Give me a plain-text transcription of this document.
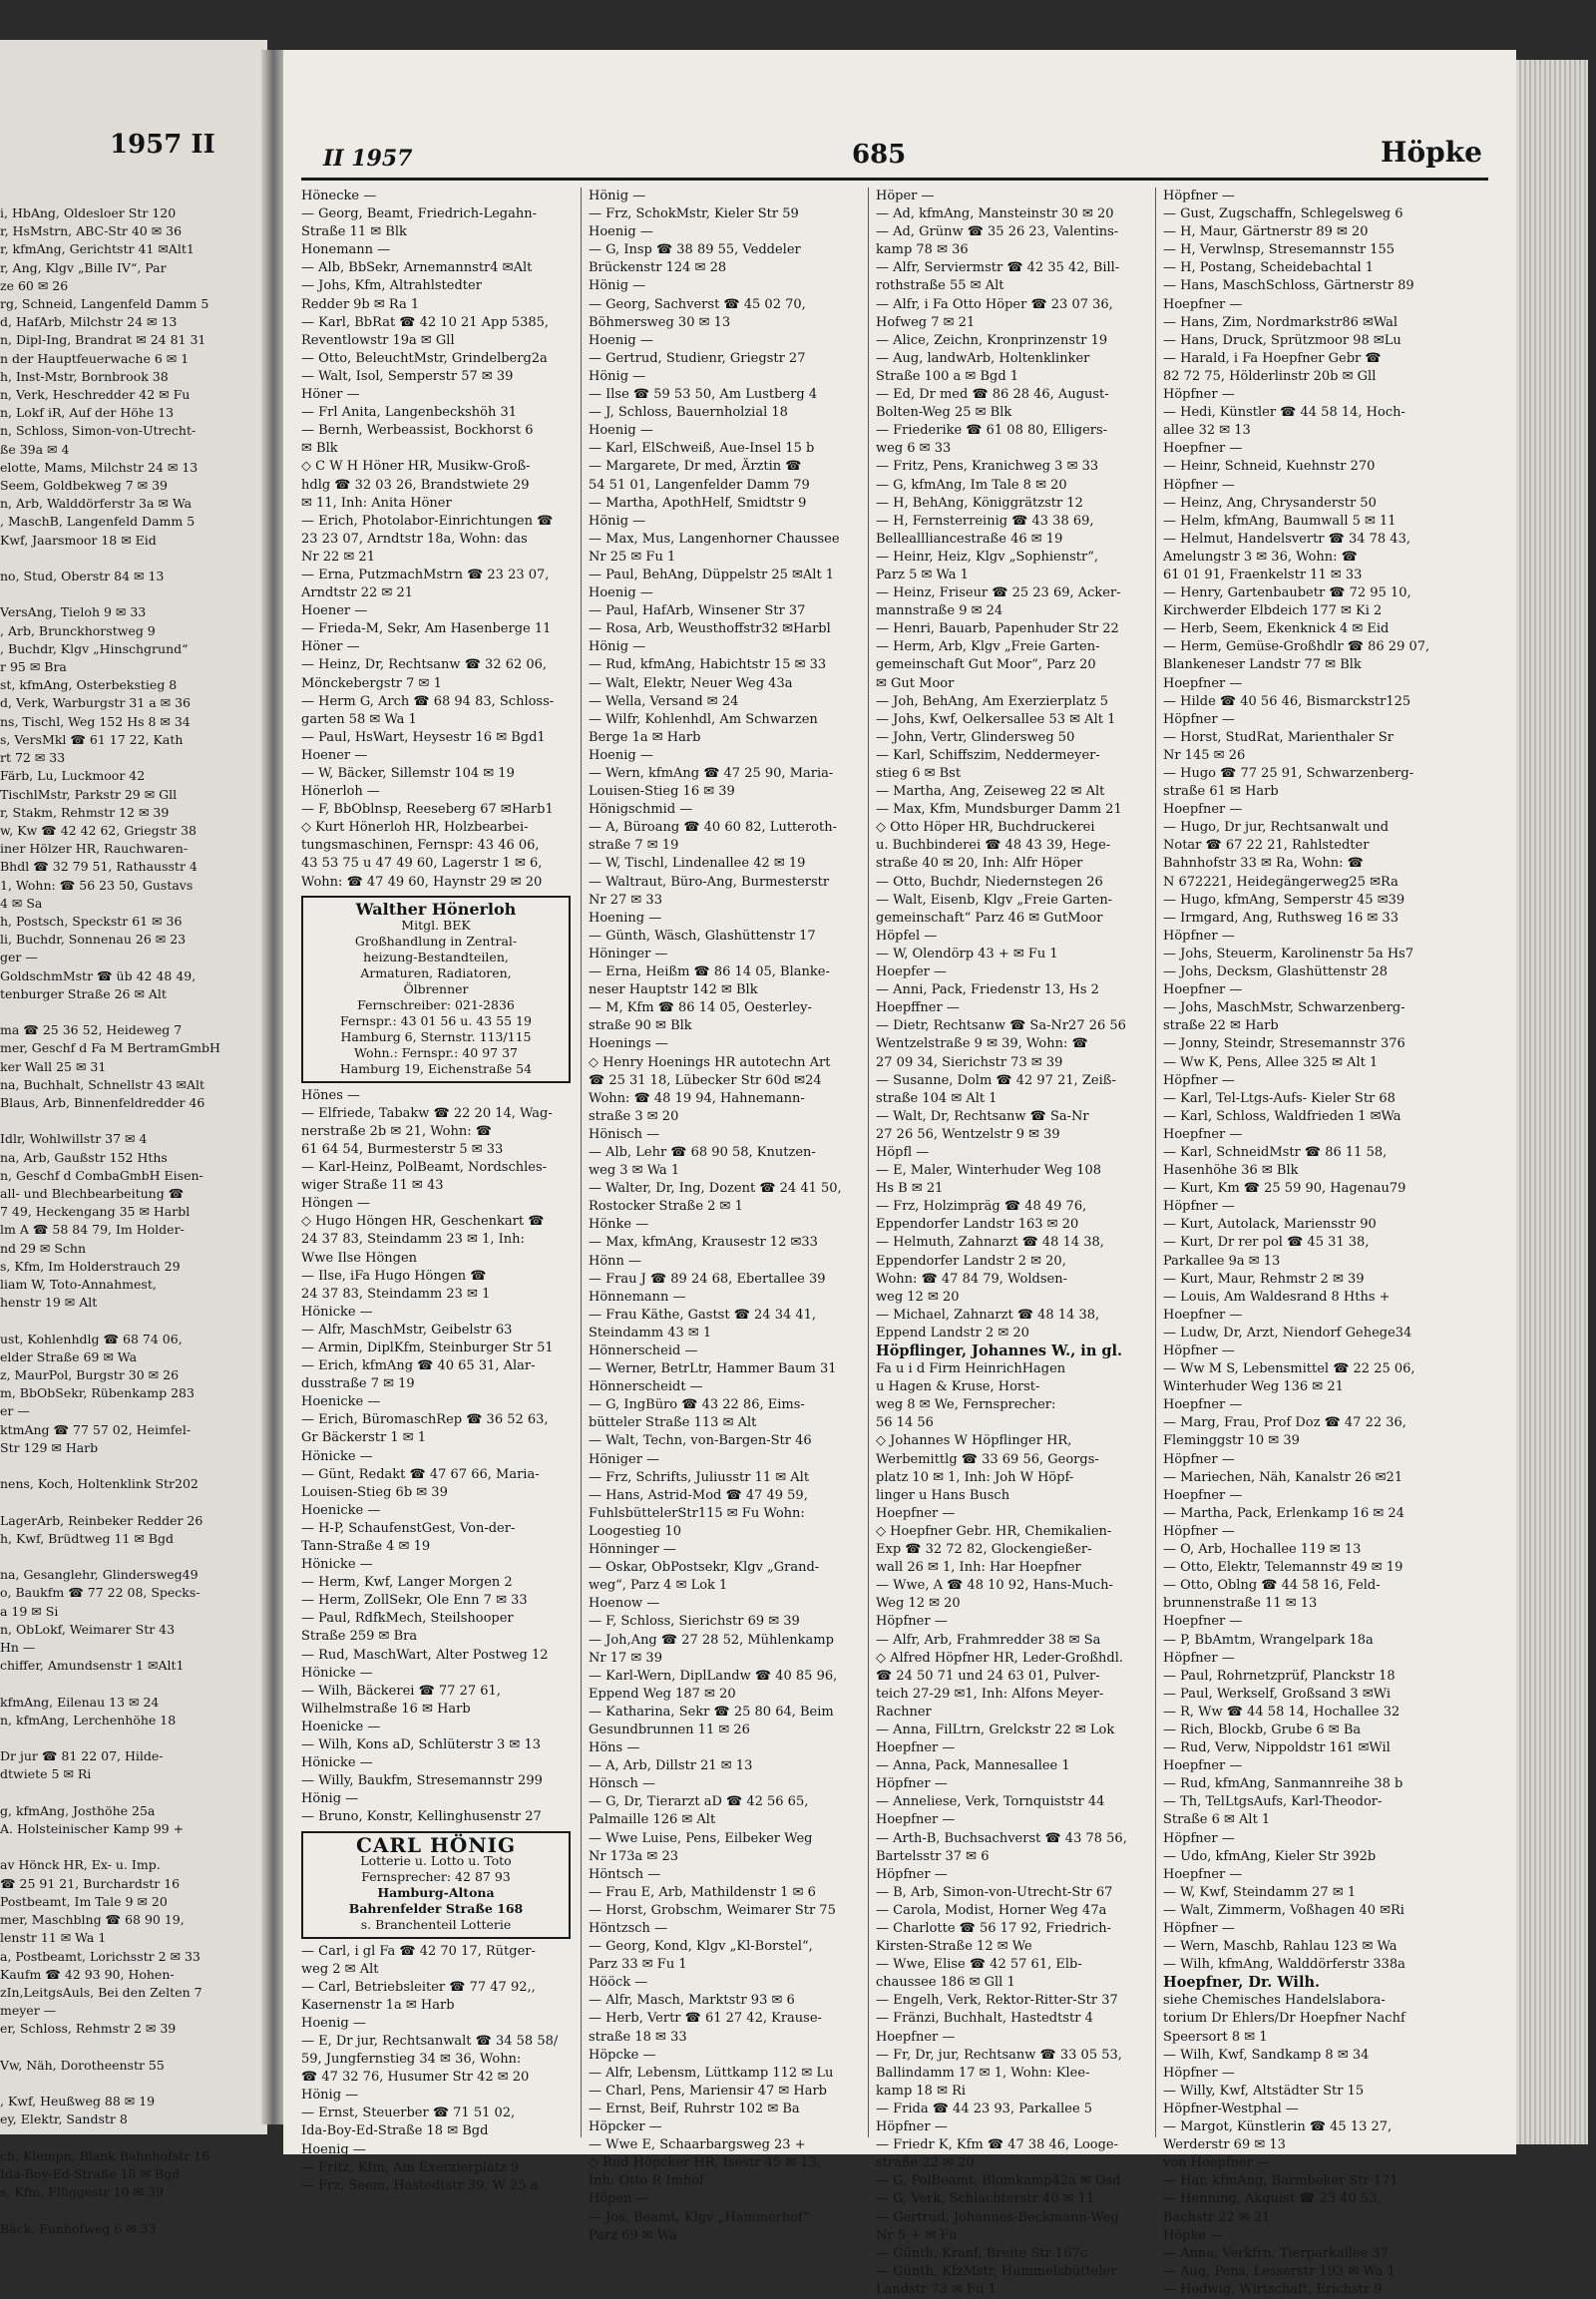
1957 II
i, HbAng, Oldesloer Str 120
r, HsMstrn, ABC-Str 40 ✉ 36
r, kfmAng, Gerichtstr 41 ✉Alt1
r, Ang, Klgv „Bille IV“, Par
ze 60 ✉ 26
rg, Schneid, Langenfeld Damm 5
d, HafArb, Milchstr 24 ✉ 13
n, Dipl-Ing, Brandrat ✉ 24 81 31
n der Hauptfeuerwache 6 ✉ 1
h, Inst-Mstr, Bornbrook 38
n, Verk, Heschredder 42 ✉ Fu
n, Lokf iR, Auf der Höhe 13
n, Schloss, Simon-von-Utrecht-
ße 39a ✉ 4
elotte, Mams, Milchstr 24 ✉ 13
Seem, Goldbekweg 7 ✉ 39
n, Arb, Walddörferstr 3a ✉ Wa
, MaschB, Langenfeld Damm 5
Kwf, Jaarsmoor 18 ✉ Eid

no, Stud, Oberstr 84 ✉ 13

VersAng, Tieloh 9 ✉ 33
, Arb, Brunckhorstweg 9
, Buchdr, Klgv „Hinschgrund“
r 95 ✉ Bra
st, kfmAng, Osterbekstieg 8
d, Verk, Warburgstr 31 a ✉ 36
ns, Tischl, Weg 152 Hs 8 ✉ 34
s, VersMkl ☎ 61 17 22, Kath
rt 72 ✉ 33
Färb, Lu, Luckmoor 42
TischlMstr, Parkstr 29 ✉ Gll
r, Stakm, Rehmstr 12 ✉ 39
w, Kw ☎ 42 42 62, Griegstr 38
iner Hölzer HR, Rauchwaren-
Bhdl ☎ 32 79 51, Rathausstr 4
1, Wohn: ☎ 56 23 50, Gustavs
4 ✉ Sa
h, Postsch, Speckstr 61 ✉ 36
li, Buchdr, Sonnenau 26 ✉ 23
ger —
GoldschmMstr ☎ üb 42 48 49,
tenburger Straße 26 ✉ Alt

ma ☎ 25 36 52, Heideweg 7
mer, Geschf d Fa M BertramGmbH
ker Wall 25 ✉ 31
na, Buchhalt, Schnellstr 43 ✉Alt
Blaus, Arb, Binnenfeldredder 46

Idlr, Wohlwillstr 37 ✉ 4
na, Arb, Gaußstr 152 Hths
n, Geschf d CombaGmbH Eisen-
all- und Blechbearbeitung ☎
7 49, Heckengang 35 ✉ Harbl
lm A ☎ 58 84 79, Im Holder-
nd 29 ✉ Schn
s, Kfm, Im Holderstrauch 29
liam W, Toto-Annahmest,
henstr 19 ✉ Alt

ust, Kohlenhdlg ☎ 68 74 06,
elder Straße 69 ✉ Wa
z, MaurPol, Burgstr 30 ✉ 26
m, BbObSekr, Rübenkamp 283
er —
ktmAng ☎ 77 57 02, Heimfel-
Str 129 ✉ Harb

nens, Koch, Holtenklink Str202

LagerArb, Reinbeker Redder 26
h, Kwf, Brüdtweg 11 ✉ Bgd

na, Gesanglehr, Glindersweg49
o, Baukfm ☎ 77 22 08, Specks-
a 19 ✉ Si
n, ObLokf, Weimarer Str 43
Hn —
chiffer, Amundsenstr 1 ✉Alt1

kfmAng, Eilenau 13 ✉ 24
n, kfmAng, Lerchenhöhe 18

Dr jur ☎ 81 22 07, Hilde-
dtwiete 5 ✉ Ri

g, kfmAng, Josthöhe 25a
A. Holsteinischer Kamp 99 +

av Hönck HR, Ex- u. Imp.
☎ 25 91 21, Burchardstr 16
Postbeamt, Im Tale 9 ✉ 20
mer, Maschblng ☎ 68 90 19,
lenstr 11 ✉ Wa 1
a, Postbeamt, Lorichsstr 2 ✉ 33
Kaufm ☎ 42 93 90, Hohen-
zIn,LeitgsAuls, Bei den Zelten 7
meyer —
er, Schloss, Rehmstr 2 ✉ 39

Vw, Näh, Dorotheenstr 55

, Kwf, Heußweg 88 ✉ 19
ey, Elektr, Sandstr 8

ch, Klempn, Blank Bahnhofstr 16
Ida-Boy-Ed-Straße 18 ✉ Bgd
s, Kfm, Flüggestr 10 ✉ 39

Bäck, Funhofweg 6 ✉ 33
II 1957	685	Höpke
Hönecke —
— Georg, Beamt, Friedrich-Legahn-
Straße 11 ✉ Blk
Honemann —
— Alb, BbSekr, Arnemannstr4 ✉Alt
— Johs, Kfm, Altrahlstedter
Redder 9b ✉ Ra 1
— Karl, BbRat ☎ 42 10 21 App 5385,
Reventlowstr 19a ✉ Gll
— Otto, BeleuchtMstr, Grindelberg2a
— Walt, Isol, Semperstr 57 ✉ 39
Höner —
— Frl Anita, Langenbeckshöh 31
— Bernh, Werbeassist, Bockhorst 6
✉ Blk
◇ C W H Höner HR, Musikw-Groß-
hdlg ☎ 32 03 26, Brandstwiete 29
✉ 11, Inh: Anita Höner
— Erich, Photolabor-Einrichtungen ☎
23 23 07, Arndtstr 18a, Wohn: das
Nr 22 ✉ 21
— Erna, PutzmachMstrn ☎ 23 23 07,
Arndtstr 22 ✉ 21
Hoener —
— Frieda-M, Sekr, Am Hasenberge 11
Höner —
— Heinz, Dr, Rechtsanw ☎ 32 62 06,
Mönckebergstr 7 ✉ 1
— Herm G, Arch ☎ 68 94 83, Schloss-
garten 58 ✉ Wa 1
— Paul, HsWart, Heysestr 16 ✉ Bgd1
Hoener —
— W, Bäcker, Sillemstr 104 ✉ 19
Hönerloh —
— F, BbOblnsp, Reeseberg 67 ✉Harb1
◇ Kurt Hönerloh HR, Holzbearbei-
tungsmaschinen, Fernspr: 43 46 06,
43 53 75 u 47 49 60, Lagerstr 1 ✉ 6,
Wohn: ☎ 47 49 60, Haynstr 29 ✉ 20
Walther Hönerloh
Mitgl. BEK
Großhandlung in Zentral-
heizung-Bestandteilen,
Armaturen, Radiatoren,
Ölbrenner
Fernschreiber: 021-2836
Fernspr.: 43 01 56 u. 43 55 19
Hamburg 6, Sternstr. 113/115
Wohn.: Fernspr.: 40 97 37
Hamburg 19, Eichenstraße 54
Hönes —
— Elfriede, Tabakw ☎ 22 20 14, Wag-
nerstraße 2b ✉ 21, Wohn: ☎
61 64 54, Burmesterstr 5 ✉ 33
— Karl-Heinz, PolBeamt, Nordschles-
wiger Straße 11 ✉ 43
Höngen —
◇ Hugo Höngen HR, Geschenkart ☎
24 37 83, Steindamm 23 ✉ 1, Inh:
Wwe Ilse Höngen
— Ilse, iFa Hugo Höngen ☎
24 37 83, Steindamm 23 ✉ 1
Hönicke —
— Alfr, MaschMstr, Geibelstr 63
— Armin, DiplKfm, Steinburger Str 51
— Erich, kfmAng ☎ 40 65 31, Alar-
dusstraße 7 ✉ 19
Hoenicke —
— Erich, BüromaschRep ☎ 36 52 63,
Gr Bäckerstr 1 ✉ 1
Hönicke —
— Günt, Redakt ☎ 47 67 66, Maria-
Louisen-Stieg 6b ✉ 39
Hoenicke —
— H-P, SchaufenstGest, Von-der-
Tann-Straße 4 ✉ 19
Hönicke —
— Herm, Kwf, Langer Morgen 2
— Herm, ZollSekr, Ole Enn 7 ✉ 33
— Paul, RdfkMech, Steilshooper
Straße 259 ✉ Bra
— Rud, MaschWart, Alter Postweg 12
Hönicke —
— Wilh, Bäckerei ☎ 77 27 61,
Wilhelmstraße 16 ✉ Harb
Hoenicke —
— Wilh, Kons aD, Schlüterstr 3 ✉ 13
Hönicke —
— Willy, Baukfm, Stresemannstr 299
Hönig —
— Bruno, Konstr, Kellinghusenstr 27
CARL HÖNIG
Lotterie u. Lotto u. Toto
Fernsprecher: 42 87 93
Hamburg-Altona
Bahrenfelder Straße 168
s. Branchenteil Lotterie
— Carl, i gl Fa ☎ 42 70 17, Rütger-
weg 2 ✉ Alt
— Carl, Betriebsleiter ☎ 77 47 92,,
Kasernenstr 1a ✉ Harb
Hoenig —
— E, Dr jur, Rechtsanwalt ☎ 34 58 58/
59, Jungfernstieg 34 ✉ 36, Wohn:
☎ 47 32 76, Husumer Str 42 ✉ 20
Hönig —
— Ernst, Steuerber ☎ 71 51 02,
Ida-Boy-Ed-Straße 18 ✉ Bgd
Hoenig —
— Fritz, Kfm, Am Exerzierplatz 9
— Frz, Seem, Hastedtstr 39, W 25 a
Hönig —
— Frz, SchokMstr, Kieler Str 59
Hoenig —
— G, Insp ☎ 38 89 55, Veddeler
Brückenstr 124 ✉ 28
Hönig —
— Georg, Sachverst ☎ 45 02 70,
Böhmersweg 30 ✉ 13
Hoenig —
— Gertrud, Studienr, Griegstr 27
Hönig —
— Ilse ☎ 59 53 50, Am Lustberg 4
— J, Schloss, Bauernholzial 18
Hoenig —
— Karl, ElSchweiß, Aue-Insel 15 b
— Margarete, Dr med, Ärztin ☎
54 51 01, Langenfelder Damm 79
— Martha, ApothHelf, Smidtstr 9
Hönig —
— Max, Mus, Langenhorner Chaussee
Nr 25 ✉ Fu 1
— Paul, BehAng, Düppelstr 25 ✉Alt 1
Hoenig —
— Paul, HafArb, Winsener Str 37
— Rosa, Arb, Weusthoffstr32 ✉Harbl
Hönig —
— Rud, kfmAng, Habichtstr 15 ✉ 33
— Walt, Elektr, Neuer Weg 43a
— Wella, Versand ✉ 24
— Wilfr, Kohlenhdl, Am Schwarzen
Berge 1a ✉ Harb
Hoenig —
— Wern, kfmAng ☎ 47 25 90, Maria-
Louisen-Stieg 16 ✉ 39
Hönigschmid —
— A, Büroang ☎ 40 60 82, Lutteroth-
straße 7 ✉ 19
— W, Tischl, Lindenallee 42 ✉ 19
— Waltraut, Büro-Ang, Burmesterstr
Nr 27 ✉ 33
Hoening —
— Günth, Wäsch, Glashüttenstr 17
Höninger —
— Erna, Heißm ☎ 86 14 05, Blanke-
neser Hauptstr 142 ✉ Blk
— M, Kfm ☎ 86 14 05, Oesterley-
straße 90 ✉ Blk
Hoenings —
◇ Henry Hoenings HR autotechn Art
☎ 25 31 18, Lübecker Str 60d ✉24
Wohn: ☎ 48 19 94, Hahnemann-
straße 3 ✉ 20
Hönisch —
— Alb, Lehr ☎ 68 90 58, Knutzen-
weg 3 ✉ Wa 1
— Walter, Dr, Ing, Dozent ☎ 24 41 50,
Rostocker Straße 2 ✉ 1
Hönke —
— Max, kfmAng, Krausestr 12 ✉33
Hönn —
— Frau J ☎ 89 24 68, Ebertallee 39
Hönnemann —
— Frau Käthe, Gastst ☎ 24 34 41,
Steindamm 43 ✉ 1
Hönnerscheid —
— Werner, BetrLtr, Hammer Baum 31
Hönnerscheidt —
— G, IngBüro ☎ 43 22 86, Eims-
bütteler Straße 113 ✉ Alt
— Walt, Techn, von-Bargen-Str 46
Höniger —
— Frz, Schrifts, Juliusstr 11 ✉ Alt
— Hans, Astrid-Mod ☎ 47 49 59,
FuhlsbüttelerStr115 ✉ Fu Wohn:
Loogestieg 10
Hönninger —
— Oskar, ObPostsekr, Klgv „Grand-
weg“, Parz 4 ✉ Lok 1
Hoenow —
— F, Schloss, Sierichstr 69 ✉ 39
— Joh,Ang ☎ 27 28 52, Mühlenkamp
Nr 17 ✉ 39
— Karl-Wern, DiplLandw ☎ 40 85 96,
Eppend Weg 187 ✉ 20
— Katharina, Sekr ☎ 25 80 64, Beim
Gesundbrunnen 11 ✉ 26
Höns —
— A, Arb, Dillstr 21 ✉ 13
Hönsch —
— G, Dr, Tierarzt aD ☎ 42 56 65,
Palmaille 126 ✉ Alt
— Wwe Luise, Pens, Eilbeker Weg
Nr 173a ✉ 23
Höntsch —
— Frau E, Arb, Mathildenstr 1 ✉ 6
— Horst, Grobschm, Weimarer Str 75
Höntzsch —
— Georg, Kond, Klgv „Kl-Borstel“,
Parz 33 ✉ Fu 1
Hööck —
— Alfr, Masch, Marktstr 93 ✉ 6
— Herb, Vertr ☎ 61 27 42, Krause-
straße 18 ✉ 33
Höpcke —
— Alfr, Lebensm, Lüttkamp 112 ✉ Lu
— Charl, Pens, Mariensir 47 ✉ Harb
— Ernst, Beif, Ruhrstr 102 ✉ Ba
Höpcker —
— Wwe E, Schaarbargsweg 23 +
◇ Rud Höpcker HR, Isestr 45 ✉ 13,
Inh: Otto R Imhof
Höpen —
— Jos, Beamt, Klgv „Hammerhof“
Parz 69 ✉ Wa
Höper —
— Ad, kfmAng, Mansteinstr 30 ✉ 20
— Ad, Grünw ☎ 35 26 23, Valentins-
kamp 78 ✉ 36
— Alfr, Serviermstr ☎ 42 35 42, Bill-
rothstraße 55 ✉ Alt
— Alfr, i Fa Otto Höper ☎ 23 07 36,
Hofweg 7 ✉ 21
— Alice, Zeichn, Kronprinzenstr 19
— Aug, landwArb, Holtenklinker
Straße 100 a ✉ Bgd 1
— Ed, Dr med ☎ 86 28 46, August-
Bolten-Weg 25 ✉ Blk
— Friederike ☎ 61 08 80, Elligers-
weg 6 ✉ 33
— Fritz, Pens, Kranichweg 3 ✉ 33
— G, kfmAng, Im Tale 8 ✉ 20
— H, BehAng, Königgrätzstr 12
— H, Fernsterreinig ☎ 43 38 69,
Belleallliancestraße 46 ✉ 19
— Heinr, Heiz, Klgv „Sophienstr“,
Parz 5 ✉ Wa 1
— Heinz, Friseur ☎ 25 23 69, Acker-
mannstraße 9 ✉ 24
— Henri, Bauarb, Papenhuder Str 22
— Herm, Arb, Klgv „Freie Garten-
gemeinschaft Gut Moor“, Parz 20
✉ Gut Moor
— Joh, BehAng, Am Exerzierplatz 5
— Johs, Kwf, Oelkersallee 53 ✉ Alt 1
— John, Vertr, Glindersweg 50
— Karl, Schiffszim, Neddermeyer-
stieg 6 ✉ Bst
— Martha, Ang, Zeiseweg 22 ✉ Alt
— Max, Kfm, Mundsburger Damm 21
◇ Otto Höper HR, Buchdruckerei
u. Buchbinderei ☎ 48 43 39, Hege-
straße 40 ✉ 20, Inh: Alfr Höper
— Otto, Buchdr, Niedernstegen 26
— Walt, Eisenb, Klgv „Freie Garten-
gemeinschaft“ Parz 46 ✉ GutMoor
Höpfel —
— W, Olendörp 43 + ✉ Fu 1
Hoepfer —
— Anni, Pack, Friedenstr 13, Hs 2
Hoepffner —
— Dietr, Rechtsanw ☎ Sa-Nr27 26 56
Wentzelstraße 9 ✉ 39, Wohn: ☎
27 09 34, Sierichstr 73 ✉ 39
— Susanne, Dolm ☎ 42 97 21, Zeiß-
straße 104 ✉ Alt 1
— Walt, Dr, Rechtsanw ☎ Sa-Nr
27 26 56, Wentzelstr 9 ✉ 39
Höpfl —
— E, Maler, Winterhuder Weg 108
Hs B ✉ 21
— Frz, Holzimpräg ☎ 48 49 76,
Eppendorfer Landstr 163 ✉ 20
— Helmuth, Zahnarzt ☎ 48 14 38,
Eppendorfer Landstr 2 ✉ 20,
Wohn: ☎ 47 84 79, Woldsen-
weg 12 ✉ 20
— Michael, Zahnarzt ☎ 48 14 38,
Eppend Landstr 2 ✉ 20
Höpflinger, Johannes W., in gl.
Fa u i d Firm HeinrichHagen
u Hagen & Kruse, Horst-
weg 8 ✉ We, Fernsprecher:
56 14 56
◇ Johannes W Höpflinger HR,
Werbemittlg ☎ 33 69 56, Georgs-
platz 10 ✉ 1, Inh: Joh W Höpf-
linger u Hans Busch
Hoepfner —
◇ Hoepfner Gebr. HR, Chemikalien-
Exp ☎ 32 72 82, Glockengießer-
wall 26 ✉ 1, Inh: Har Hoepfner
— Wwe, A ☎ 48 10 92, Hans-Much-
Weg 12 ✉ 20
Höpfner —
— Alfr, Arb, Frahmredder 38 ✉ Sa
◇ Alfred Höpfner HR, Leder-Großhdl.
☎ 24 50 71 und 24 63 01, Pulver-
teich 27-29 ✉1, Inh: Alfons Meyer-
Rachner
— Anna, FilLtrn, Grelckstr 22 ✉ Lok
Hoepfner —
— Anna, Pack, Mannesallee 1
Höpfner —
— Anneliese, Verk, Tornquiststr 44
Hoepfner —
— Arth-B, Buchsachverst ☎ 43 78 56,
Bartelsstr 37 ✉ 6
Höpfner —
— B, Arb, Simon-von-Utrecht-Str 67
— Carola, Modist, Horner Weg 47a
— Charlotte ☎ 56 17 92, Friedrich-
Kirsten-Straße 12 ✉ We
— Wwe, Elise ☎ 42 57 61, Elb-
chaussee 186 ✉ Gll 1
— Engelh, Verk, Rektor-Ritter-Str 37
— Fränzi, Buchhalt, Hastedtstr 4
Hoepfner —
— Fr, Dr, jur, Rechtsanw ☎ 33 05 53,
Ballindamm 17 ✉ 1, Wohn: Klee-
kamp 18 ✉ Ri
— Frida ☎ 44 23 93, Parkallee 5
Höpfner —
— Friedr K, Kfm ☎ 47 38 46, Looge-
straße 22 ✉ 20
— G, PolBeamt, Blomkamp42a ✉ Osd
— G, Verk, Schlachterstr 40 ✉ 11
— Gertrud, Johannes-Beckmann-Weg
Nr 5 + ✉ Fu
— Günth, Kranf, Breite Str 167c
— Günth, KfzMstr, Hummelsbütteler
Landstr 73 ✉ Fu 1
Höpfner —
— Gust, Zugschaffn, Schlegelsweg 6
— H, Maur, Gärtnerstr 89 ✉ 20
— H, Verwlnsp, Stresemannstr 155
— H, Postang, Scheidebachtal 1
— Hans, MaschSchloss, Gärtnerstr 89
Hoepfner —
— Hans, Zim, Nordmarkstr86 ✉Wal
— Hans, Druck, Sprützmoor 98 ✉Lu
— Harald, i Fa Hoepfner Gebr ☎
82 72 75, Hölderlinstr 20b ✉ Gll
Höpfner —
— Hedi, Künstler ☎ 44 58 14, Hoch-
allee 32 ✉ 13
Hoepfner —
— Heinr, Schneid, Kuehnstr 270
Höpfner —
— Heinz, Ang, Chrysanderstr 50
— Helm, kfmAng, Baumwall 5 ✉ 11
— Helmut, Handelsvertr ☎ 34 78 43,
Amelungstr 3 ✉ 36, Wohn: ☎
61 01 91, Fraenkelstr 11 ✉ 33
— Henry, Gartenbaubetr ☎ 72 95 10,
Kirchwerder Elbdeich 177 ✉ Ki 2
— Herb, Seem, Ekenknick 4 ✉ Eid
— Herm, Gemüse-Großhdlr ☎ 86 29 07,
Blankeneser Landstr 77 ✉ Blk
Hoepfner —
— Hilde ☎ 40 56 46, Bismarckstr125
Höpfner —
— Horst, StudRat, Marienthaler Sr
Nr 145 ✉ 26
— Hugo ☎ 77 25 91, Schwarzenberg-
straße 61 ✉ Harb
Hoepfner —
— Hugo, Dr jur, Rechtsanwalt und
Notar ☎ 67 22 21, Rahlstedter
Bahnhofstr 33 ✉ Ra, Wohn: ☎
N 672221, Heidegängerweg25 ✉Ra
— Hugo, kfmAng, Semperstr 45 ✉39
— Irmgard, Ang, Ruthsweg 16 ✉ 33
Höpfner —
— Johs, Steuerm, Karolinenstr 5a Hs7
— Johs, Decksm, Glashüttenstr 28
Hoepfner —
— Johs, MaschMstr, Schwarzenberg-
straße 22 ✉ Harb
— Jonny, Steindr, Stresemannstr 376
— Ww K, Pens, Allee 325 ✉ Alt 1
Höpfner —
— Karl, Tel-Ltgs-Aufs- Kieler Str 68
— Karl, Schloss, Waldfrieden 1 ✉Wa
Hoepfner —
— Karl, SchneidMstr ☎ 86 11 58,
Hasenhöhe 36 ✉ Blk
— Kurt, Km ☎ 25 59 90, Hagenau79
Höpfner —
— Kurt, Autolack, Mariensstr 90
— Kurt, Dr rer pol ☎ 45 31 38,
Parkallee 9a ✉ 13
— Kurt, Maur, Rehmstr 2 ✉ 39
— Louis, Am Waldesrand 8 Hths +
Hoepfner —
— Ludw, Dr, Arzt, Niendorf Gehege34
Höpfner —
— Ww M S, Lebensmittel ☎ 22 25 06,
Winterhuder Weg 136 ✉ 21
Hoepfner —
— Marg, Frau, Prof Doz ☎ 47 22 36,
Fleminggstr 10 ✉ 39
Höpfner —
— Mariechen, Näh, Kanalstr 26 ✉21
Hoepfner —
— Martha, Pack, Erlenkamp 16 ✉ 24
Höpfner —
— O, Arb, Hochallee 119 ✉ 13
— Otto, Elektr, Telemannstr 49 ✉ 19
— Otto, Oblng ☎ 44 58 16, Feld-
brunnenstraße 11 ✉ 13
Hoepfner —
— P, BbAmtm, Wrangelpark 18a
Höpfner —
— Paul, Rohrnetzprüf, Planckstr 18
— Paul, Werkself, Großsand 3 ✉Wi
— R, Ww ☎ 44 58 14, Hochallee 32
— Rich, Blockb, Grube 6 ✉ Ba
— Rud, Verw, Nippoldstr 161 ✉Wil
Hoepfner —
— Rud, kfmAng, Sanmannreihe 38 b
— Th, TelLtgsAufs, Karl-Theodor-
Straße 6 ✉ Alt 1
Höpfner —
— Udo, kfmAng, Kieler Str 392b
Hoepfner —
— W, Kwf, Steindamm 27 ✉ 1
— Walt, Zimmerm, Voßhagen 40 ✉Ri
Höpfner —
— Wern, Maschb, Rahlau 123 ✉ Wa
— Wilh, kfmAng, Walddörferstr 338a
Hoepfner, Dr. Wilh.
siehe Chemisches Handelslabora-
torium Dr Ehlers/Dr Hoepfner Nachf
Speersort 8 ✉ 1
— Wilh, Kwf, Sandkamp 8 ✉ 34
Höpfner —
— Willy, Kwf, Altstädter Str 15
Höpfner-Westphal —
— Margot, Künstlerin ☎ 45 13 27,
Werderstr 69 ✉ 13
von Hoepfner —
— Har, kfmAng, Barmbeker Str 171
— Henning, Akquist ☎ 23 40 53,
Bachstr 22 ✉ 21
Höpke —
— Anna, Verkfrn, Tierparkallee 37
— Aug, Pens, Lesserstr 193 ✉ Wa 1
— Hedwig, Wirtschaft, Erichstr 9
